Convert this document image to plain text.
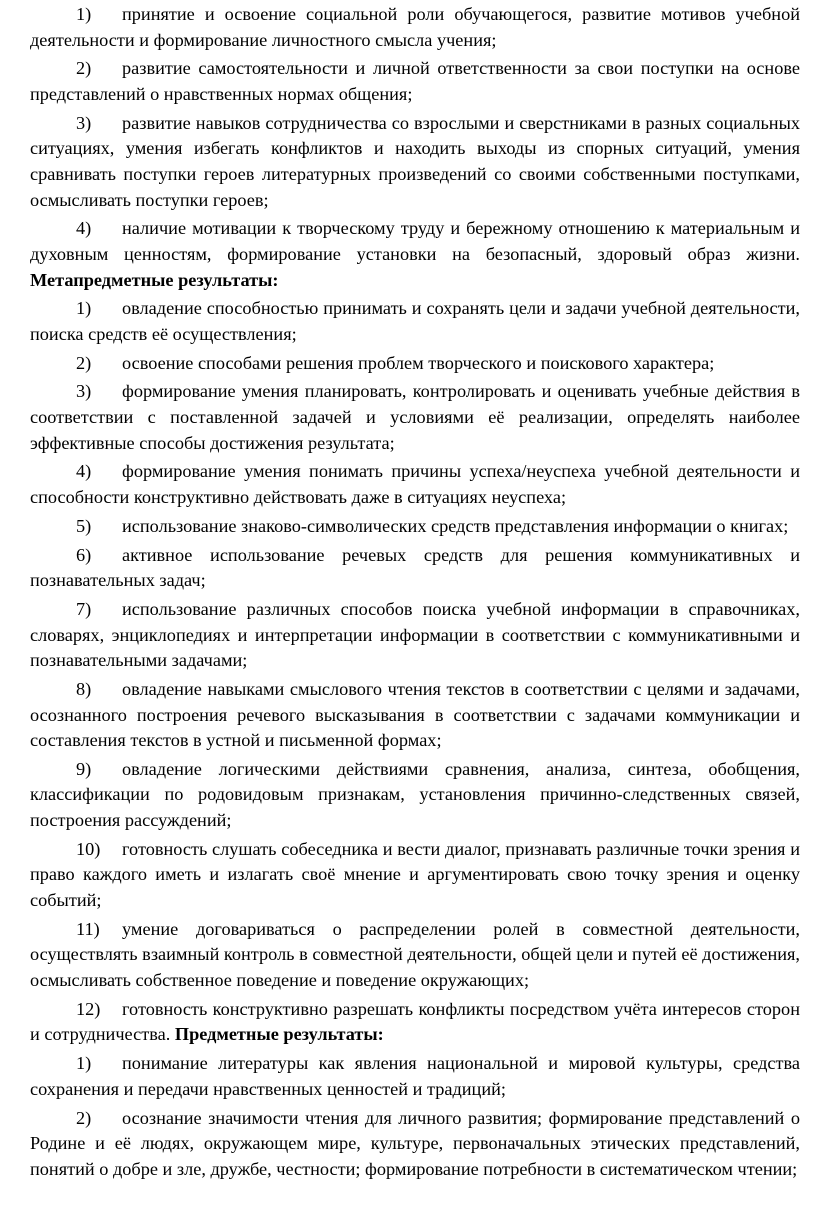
1) принятие и освоение социальной роли обучающегося, развитие мотивов учебной деятельности и формирование личностного смысла учения;

2) развитие самостоятельности и личной ответственности за свои поступки на основе представлений о нравственных нормах общения;

3) развитие навыков сотрудничества со взрослыми и сверстниками в разных социальных ситуациях, умения избегать конфликтов и находить выходы из спорных ситуаций, умения сравнивать поступки героев литературных произведений со своими собственными поступками, осмысливать поступки героев;

4) наличие мотивации к творческому труду и бережному отношению к материальным и духовным ценностям, формирование установки на безопасный, здоровый образ жизни. Метапредметные результаты:

1) овладение способностью принимать и сохранять цели и задачи учебной деятельности, поиска средств её осуществления;

2) освоение способами решения проблем творческого и поискового характера;

3) формирование умения планировать, контролировать и оценивать учебные действия в соответствии с поставленной задачей и условиями её реализации, определять наиболее эффективные способы достижения результата;

4) формирование умения понимать причины успеха/неуспеха учебной деятельности и способности конструктивно действовать даже в ситуациях неуспеха;

5) использование знаково-символических средств представления информации о книгах;

6) активное использование речевых средств для решения коммуникативных и познавательных задач;

7) использование различных способов поиска учебной информации в справочниках, словарях, энциклопедиях и интерпретации информации в соответствии с коммуникативными и познавательными задачами;

8) овладение навыками смыслового чтения текстов в соответствии с целями и задачами, осознанного построения речевого высказывания в соответствии с задачами коммуникации и составления текстов в устной и письменной формах;

9) овладение логическими действиями сравнения, анализа, синтеза, обобщения, классификации по родовидовым признакам, установления причинно-следственных связей, построения рассуждений;

10) готовность слушать собеседника и вести диалог, признавать различные точки зрения и право каждого иметь и излагать своё мнение и аргументировать свою точку зрения и оценку событий;

11) умение договариваться о распределении ролей в совместной деятельности, осуществлять взаимный контроль в совместной деятельности, общей цели и путей её достижения, осмысливать собственное поведение и поведение окружающих;

12) готовность конструктивно разрешать конфликты посредством учёта интересов сторон и сотрудничества. Предметные результаты:

1) понимание литературы как явления национальной и мировой культуры, средства сохранения и передачи нравственных ценностей и традиций;

2) осознание значимости чтения для личного развития; формирование представлений о Родине и её людях, окружающем мире, культуре, первоначальных этических представлений, понятий о добре и зле, дружбе, честности; формирование потребности в систематическом чтении;
